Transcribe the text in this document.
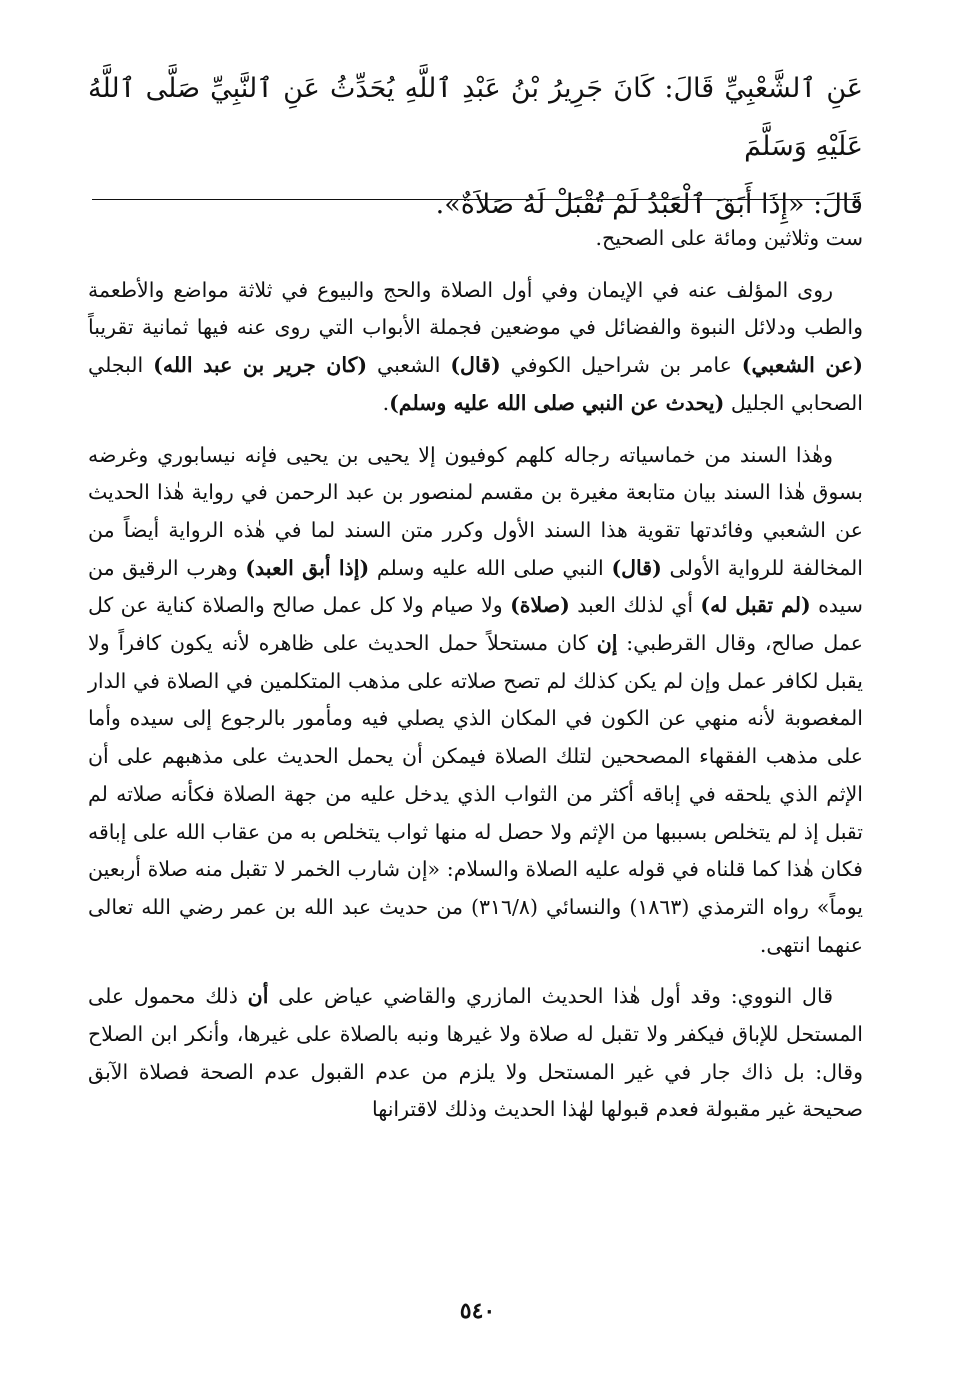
عَنِ ٱلشَّعْبِيِّ قَالَ: كَانَ جَرِيرُ بْنُ عَبْدِ ٱللَّهِ يُحَدِّثُ عَنِ ٱلنَّبِيِّ صَلَّى ٱللَّهُ عَلَيْهِ وَسَلَّمَ
قَالَ: «إِذَا أَبَقَ ٱلْعَبْدُ لَمْ تُقْبَلْ لَهُ صَلاَةٌ».

ست وثلاثين ومائة على الصحيح.

روى المؤلف عنه في الإيمان وفي أول الصلاة والحج والبيوع في ثلاثة مواضع والأطعمة والطب ودلائل النبوة والفضائل في موضعين فجملة الأبواب التي روى عنه فيها ثمانية تقريباً (عن الشعبي) عامر بن شراحيل الكوفي (قال) الشعبي (كان جرير بن عبد الله) البجلي الصحابي الجليل (يحدث عن النبي صلى الله عليه وسلم).

وهٰذا السند من خماسياته رجاله كلهم كوفيون إلا يحيى بن يحيى فإنه نيسابوري وغرضه بسوق هٰذا السند بيان متابعة مغيرة بن مقسم لمنصور بن عبد الرحمن في رواية هٰذا الحديث عن الشعبي وفائدتها تقوية هذا السند الأول وكرر متن السند لما في هٰذه الرواية أيضاً من المخالفة للرواية الأولى (قال) النبي صلى الله عليه وسلم (إذا أبق العبد) وهرب الرقيق من سيده (لم تقبل له) أي لذلك العبد (صلاة) ولا صيام ولا كل عمل صالح والصلاة كناية عن كل عمل صالح، وقال القرطبي: إن كان مستحلاً حمل الحديث على ظاهره لأنه يكون كافراً ولا يقبل لكافر عمل وإن لم يكن كذلك لم تصح صلاته على مذهب المتكلمين في الصلاة في الدار المغصوبة لأنه منهي عن الكون في المكان الذي يصلي فيه ومأمور بالرجوع إلى سيده وأما على مذهب الفقهاء المصححين لتلك الصلاة فيمكن أن يحمل الحديث على مذهبهم على أن الإثم الذي يلحقه في إباقه أكثر من الثواب الذي يدخل عليه من جهة الصلاة فكأنه صلاته لم تقبل إذ لم يتخلص بسببها من الإثم ولا حصل له منها ثواب يتخلص به من عقاب الله على إباقه فكان هٰذا كما قلناه في قوله عليه الصلاة والسلام: «إن شارب الخمر لا تقبل منه صلاة أربعين يوماً» رواه الترمذي (١٨٦٣) والنسائي (٣١٦/٨) من حديث عبد الله بن عمر رضي الله تعالى عنهما انتهى.

قال النووي: وقد أول هٰذا الحديث المازري والقاضي عياض على أن ذلك محمول على المستحل للإباق فيكفر ولا تقبل له صلاة ولا غيرها ونبه بالصلاة على غيرها، وأنكر ابن الصلاح وقال: بل ذاك جار في غير المستحل ولا يلزم من عدم القبول عدم الصحة فصلاة الآبق صحيحة غير مقبولة فعدم قبولها لهٰذا الحديث وذلك لاقترانها

٥٤٠
